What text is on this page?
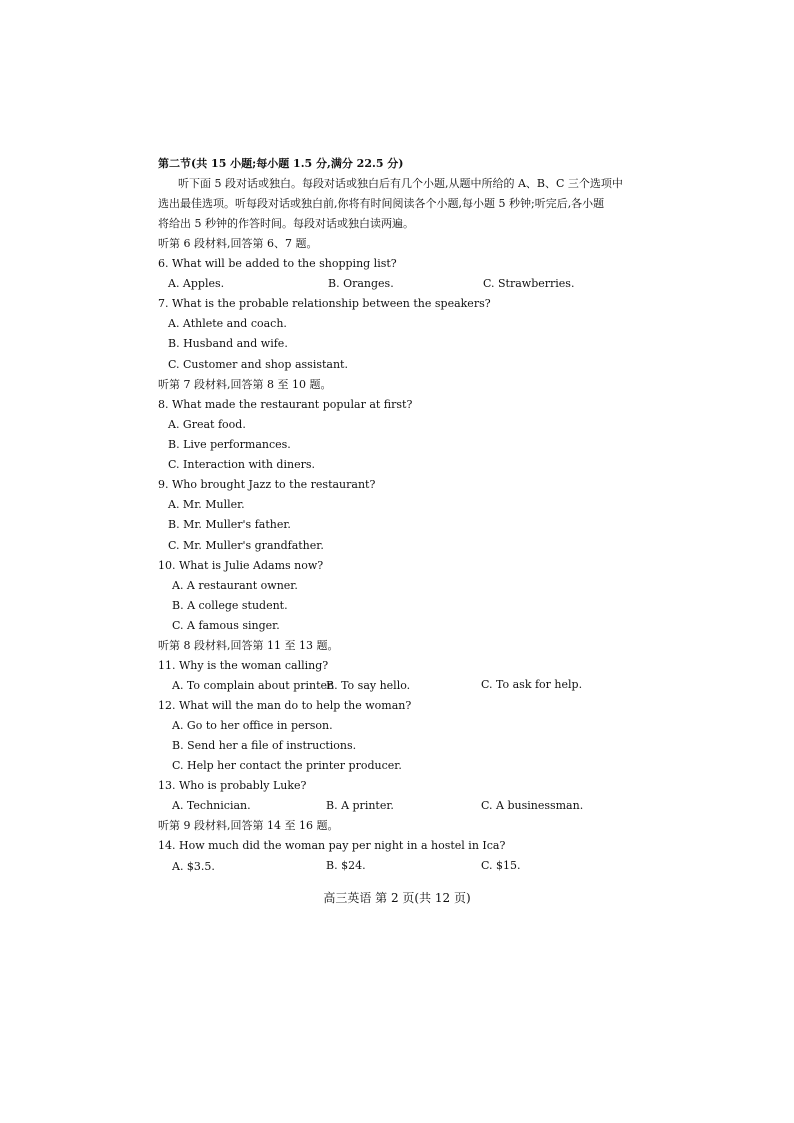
第二节(共 15 小题;每小题 1.5 分,满分 22.5 分)
听下面 5 段对话或独白。每段对话或独白后有几个小题,从题中所给的 A、B、C 三个选项中
选出最佳选项。听每段对话或独白前,你将有时间阅读各个小题,每小题 5 秒钟;听完后,各小题
将给出 5 秒钟的作答时间。每段对话或独白读两遍。
听第 6 段材料,回答第 6、7 题。
6. What will be added to the shopping list?
A. Apples.	B. Oranges.	C. Strawberries.
7. What is the probable relationship between the speakers?
A. Athlete and coach.
B. Husband and wife.
C. Customer and shop assistant.
听第 7 段材料,回答第 8 至 10 题。
8. What made the restaurant popular at first?
A. Great food.
B. Live performances.
C. Interaction with diners.
9. Who brought Jazz to the restaurant?
A. Mr. Muller.
B. Mr. Muller's father.
C. Mr. Muller's grandfather.
10. What is Julie Adams now?
A. A restaurant owner.
B. A college student.
C. A famous singer.
听第 8 段材料,回答第 11 至 13 题。
11. Why is the woman calling?
A. To complain about printer.
B. To say hello.	C. To ask for help.
12. What will the man do to help the woman?
A. Go to her office in person.
B. Send her a file of instructions.
C. Help her contact the printer producer.
13. Who is probably Luke?
A. Technician.	B. A printer.	C. A businessman.
听第 9 段材料,回答第 14 至 16 题。
14. How much did the woman pay per night in a hostel in Ica?
A. $3.5.	B. $24.	C. $15.
高三英语 第 2 页(共 12 页)
